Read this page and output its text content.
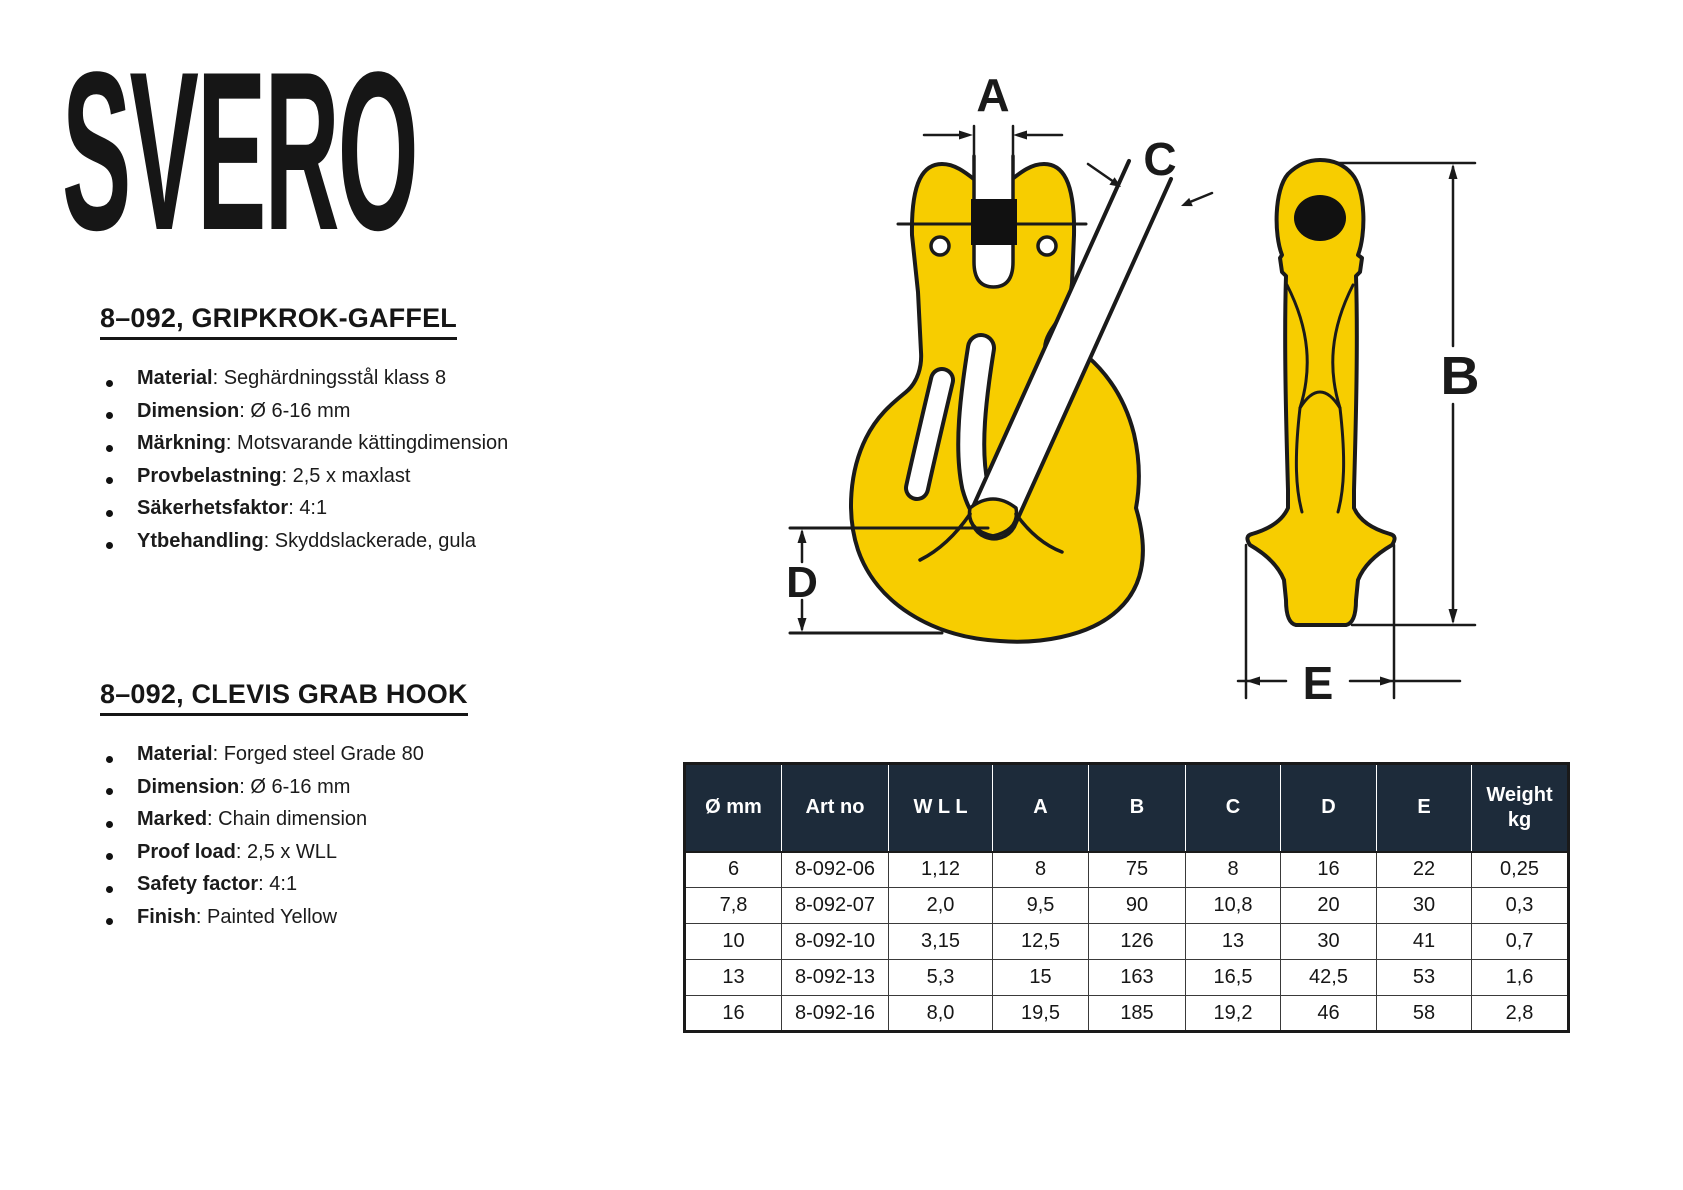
SVERO
8–092, GRIPKROK-GAFFEL
Material: Seghärdningsstål klass 8
Dimension: Ø 6-16 mm
Märkning: Motsvarande kättingdimension
Provbelastning: 2,5 x maxlast
Säkerhetsfaktor: 4:1
Ytbehandling: Skyddslackerade, gula
8–092, CLEVIS GRAB HOOK
Material: Forged steel Grade 80
Dimension: Ø 6-16 mm
Marked: Chain dimension
Proof load: 2,5 x WLL
Safety factor: 4:1
Finish: Painted Yellow
A
C
D
B
E
Ø mm	Art no	W L L	A	B	C	D	E	Weight kg
6	8-092-06	1,12	8	75	8	16	22	0,25
7,8	8-092-07	2,0	9,5	90	10,8	20	30	0,3
10	8-092-10	3,15	12,5	126	13	30	41	0,7
13	8-092-13	5,3	15	163	16,5	42,5	53	1,6
16	8-092-16	8,0	19,5	185	19,2	46	58	2,8
